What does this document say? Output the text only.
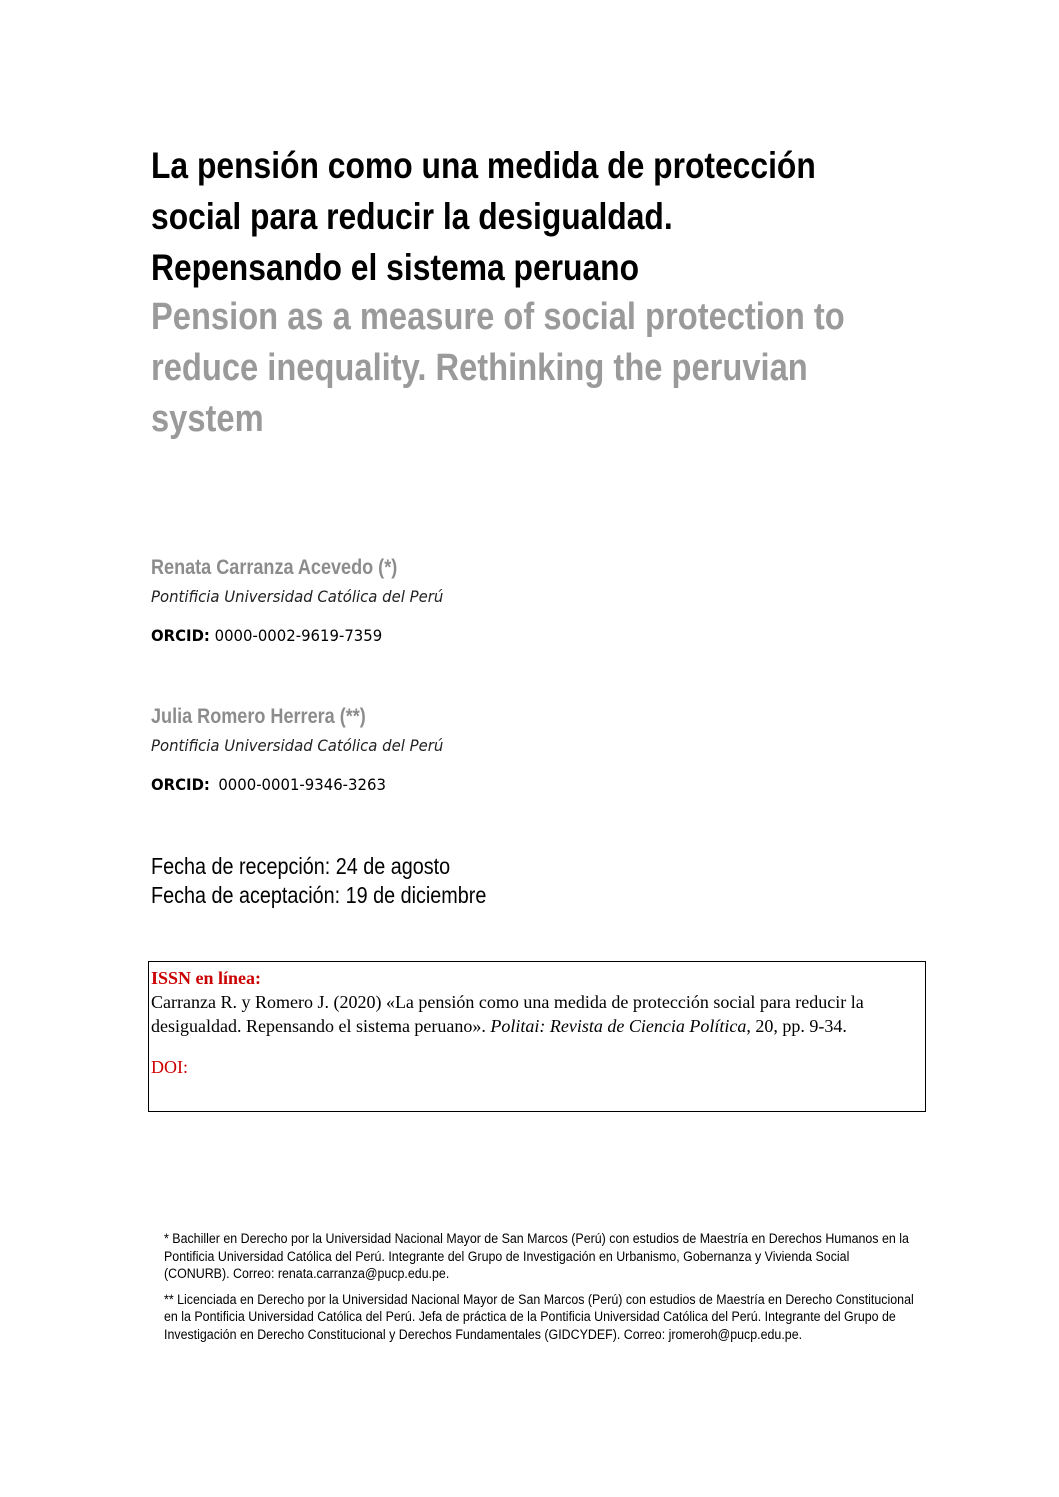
La pensión como una medida de protección
social para reducir la desigualdad.
Repensando el sistema peruano
Pension as a measure of social protection to
reduce inequality. Rethinking the peruvian
system
Renata Carranza Acevedo (*)
Pontificia Universidad Católica del Perú
ORCID: 0000-0002-9619-7359
Julia Romero Herrera (**)
Pontificia Universidad Católica del Perú
ORCID: 0000-0001-9346-3263
Fecha de recepción: 24 de agosto
Fecha de aceptación: 19 de diciembre
ISSN en línea:
Carranza R. y Romero J. (2020) «La pensión como una medida de protección social para reducir la desigualdad. Repensando el sistema peruano». Politai: Revista de Ciencia Política, 20, pp. 9-34.
DOI:

* Bachiller en Derecho por la Universidad Nacional Mayor de San Marcos (Perú) con estudios de Maestría en Derechos Humanos en la Pontificia Universidad Católica del Perú. Integrante del Grupo de Investigación en Urbanismo, Gobernanza y Vivienda Social (CONURB). Correo: renata.carranza@pucp.edu.pe.

** Licenciada en Derecho por la Universidad Nacional Mayor de San Marcos (Perú) con estudios de Maestría en Derecho Constitucional en la Pontificia Universidad Católica del Perú. Jefa de práctica de la Pontificia Universidad Católica del Perú. Integrante del Grupo de Investigación en Derecho Constitucional y Derechos Fundamentales (GIDCYDEF). Correo: jromeroh@pucp.edu.pe.
